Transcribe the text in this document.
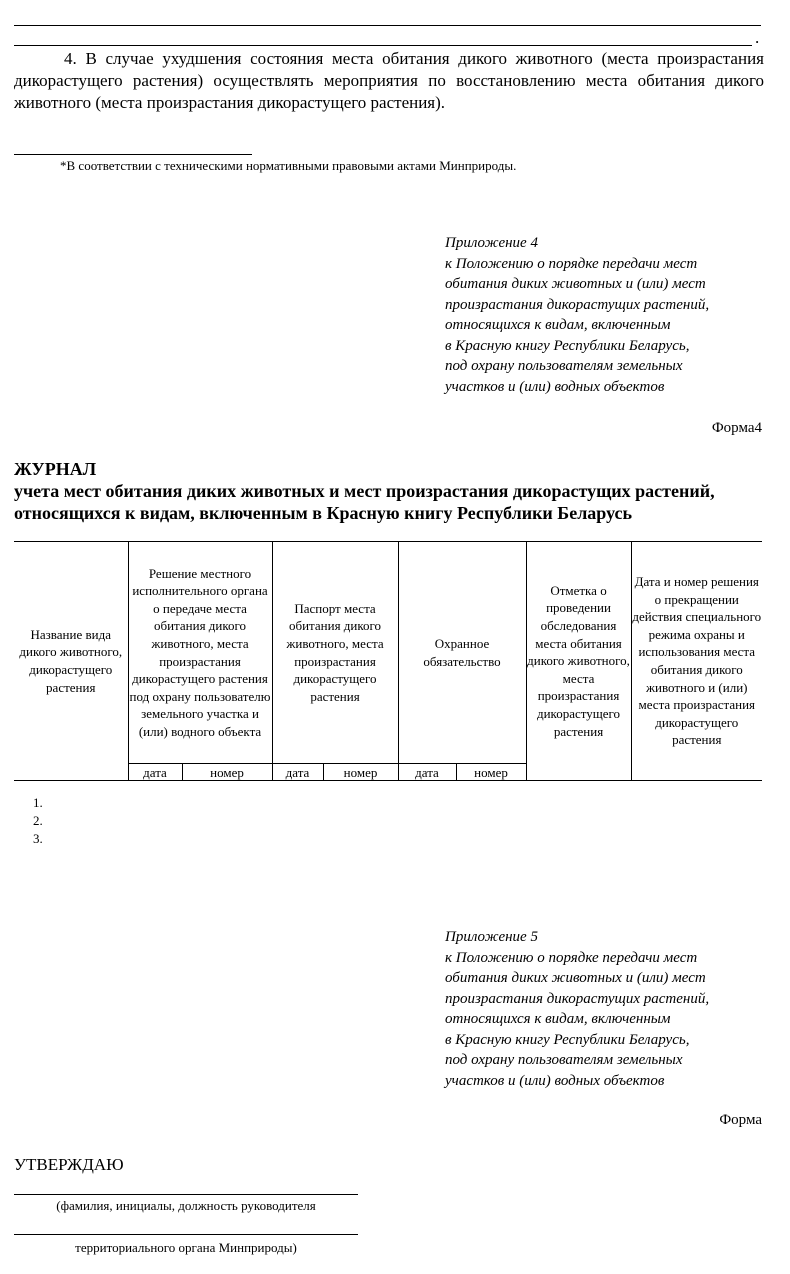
.
4. В случае ухудшения состояния места обитания дикого животного (места произрастания дикорастущего растения) осуществлять мероприятия по восстановлению места обитания дикого животного (места произрастания дикорастущего растения).
*В соответствии с техническими нормативными правовыми актами Минприроды.
Приложение 4
к Положению о порядке передачи мест
обитания диких животных и (или) мест
произрастания дикорастущих растений,
относящихся к видам, включенным
в Красную книгу Республики Беларусь,
под охрану пользователям земельных
участков и (или) водных объектов
Форма4
ЖУРНАЛ
учета мест обитания диких животных и мест произрастания дикорастущих растений,
относящихся к видам, включенным в Красную книгу Республики Беларусь
Название вида дикого животного, дикорастущего растения	Решение местного исполнительного органа о передаче места обитания дикого животного, места произрастания дикорастущего растения под охрану пользователю земельного участка и (или) водного объекта		Паспорт места обитания дикого животного, места произрастания дикорастущего растения		Охранное обязательство		Отметка о проведении обследования места обитания дикого животного, места произрастания дикорастущего растения	Дата и номер решения о прекращении действия специального режима охраны и использования места обитания дикого животного и (или) места произрастания дикорастущего растения
	дата	номер	дата	номер	дата	номер		
1.
2.
3.
Приложение 5
к Положению о порядке передачи мест
обитания диких животных и (или) мест
произрастания дикорастущих растений,
относящихся к видам, включенным
в Красную книгу Республики Беларусь,
под охрану пользователям земельных
участков и (или) водных объектов
Форма
УТВЕРЖДАЮ
(фамилия, инициалы, должность руководителя
территориального органа Минприроды)
